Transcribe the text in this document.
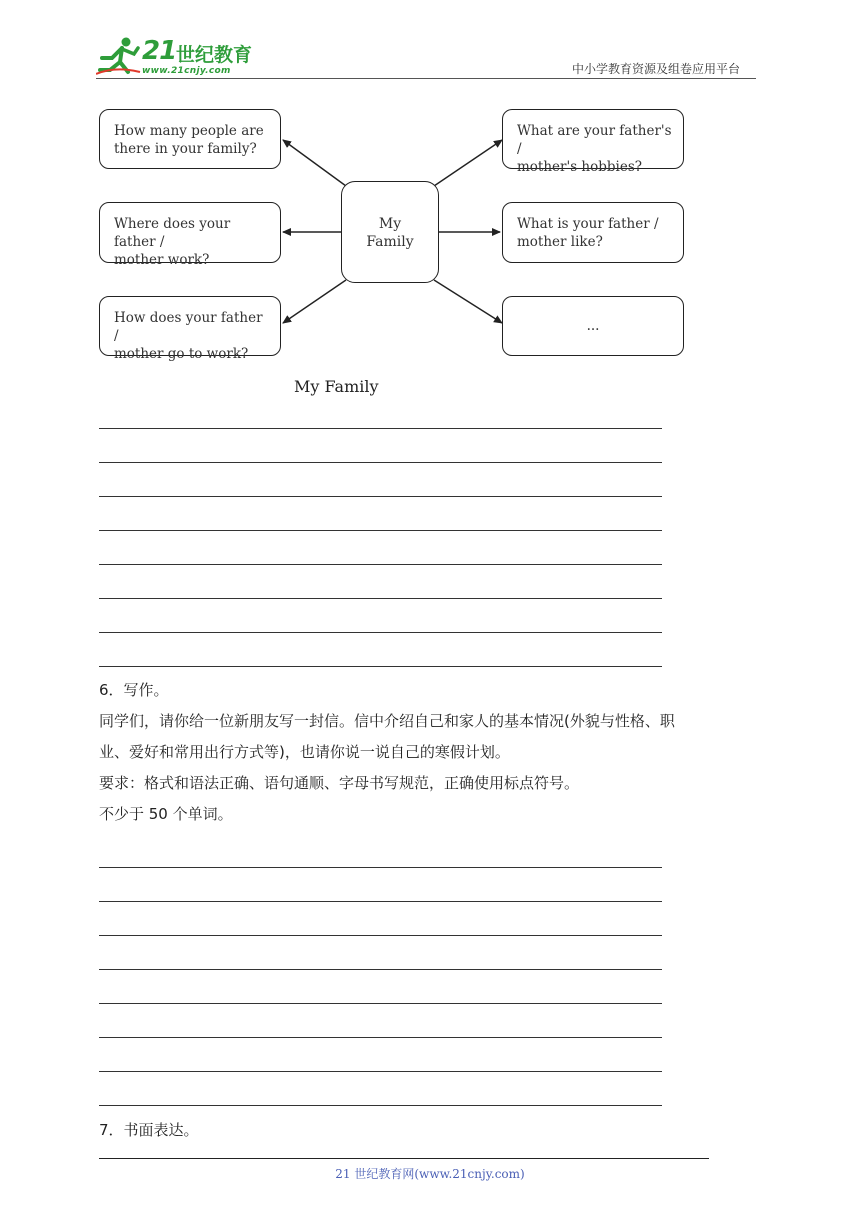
21 世纪教育
www.21cnjy.com	中小学教育资源及组卷应用平台
My
Family
How many people are
there in your family?
Where does your father /
mother work?
How does your father /
mother go to work?
What are your father's /
mother's hobbies?
What is your father /
mother like?
...
My Family
6．写作。
同学们，请你给一位新朋友写一封信。信中介绍自己和家人的基本情况(外貌与性格、职
业、爱好和常用出行方式等)，也请你说一说自己的寒假计划。
要求：格式和语法正确、语句通顺、字母书写规范，正确使用标点符号。
不少于 50 个单词。
7．书面表达。
21 世纪教育网(www.21cnjy.com)
